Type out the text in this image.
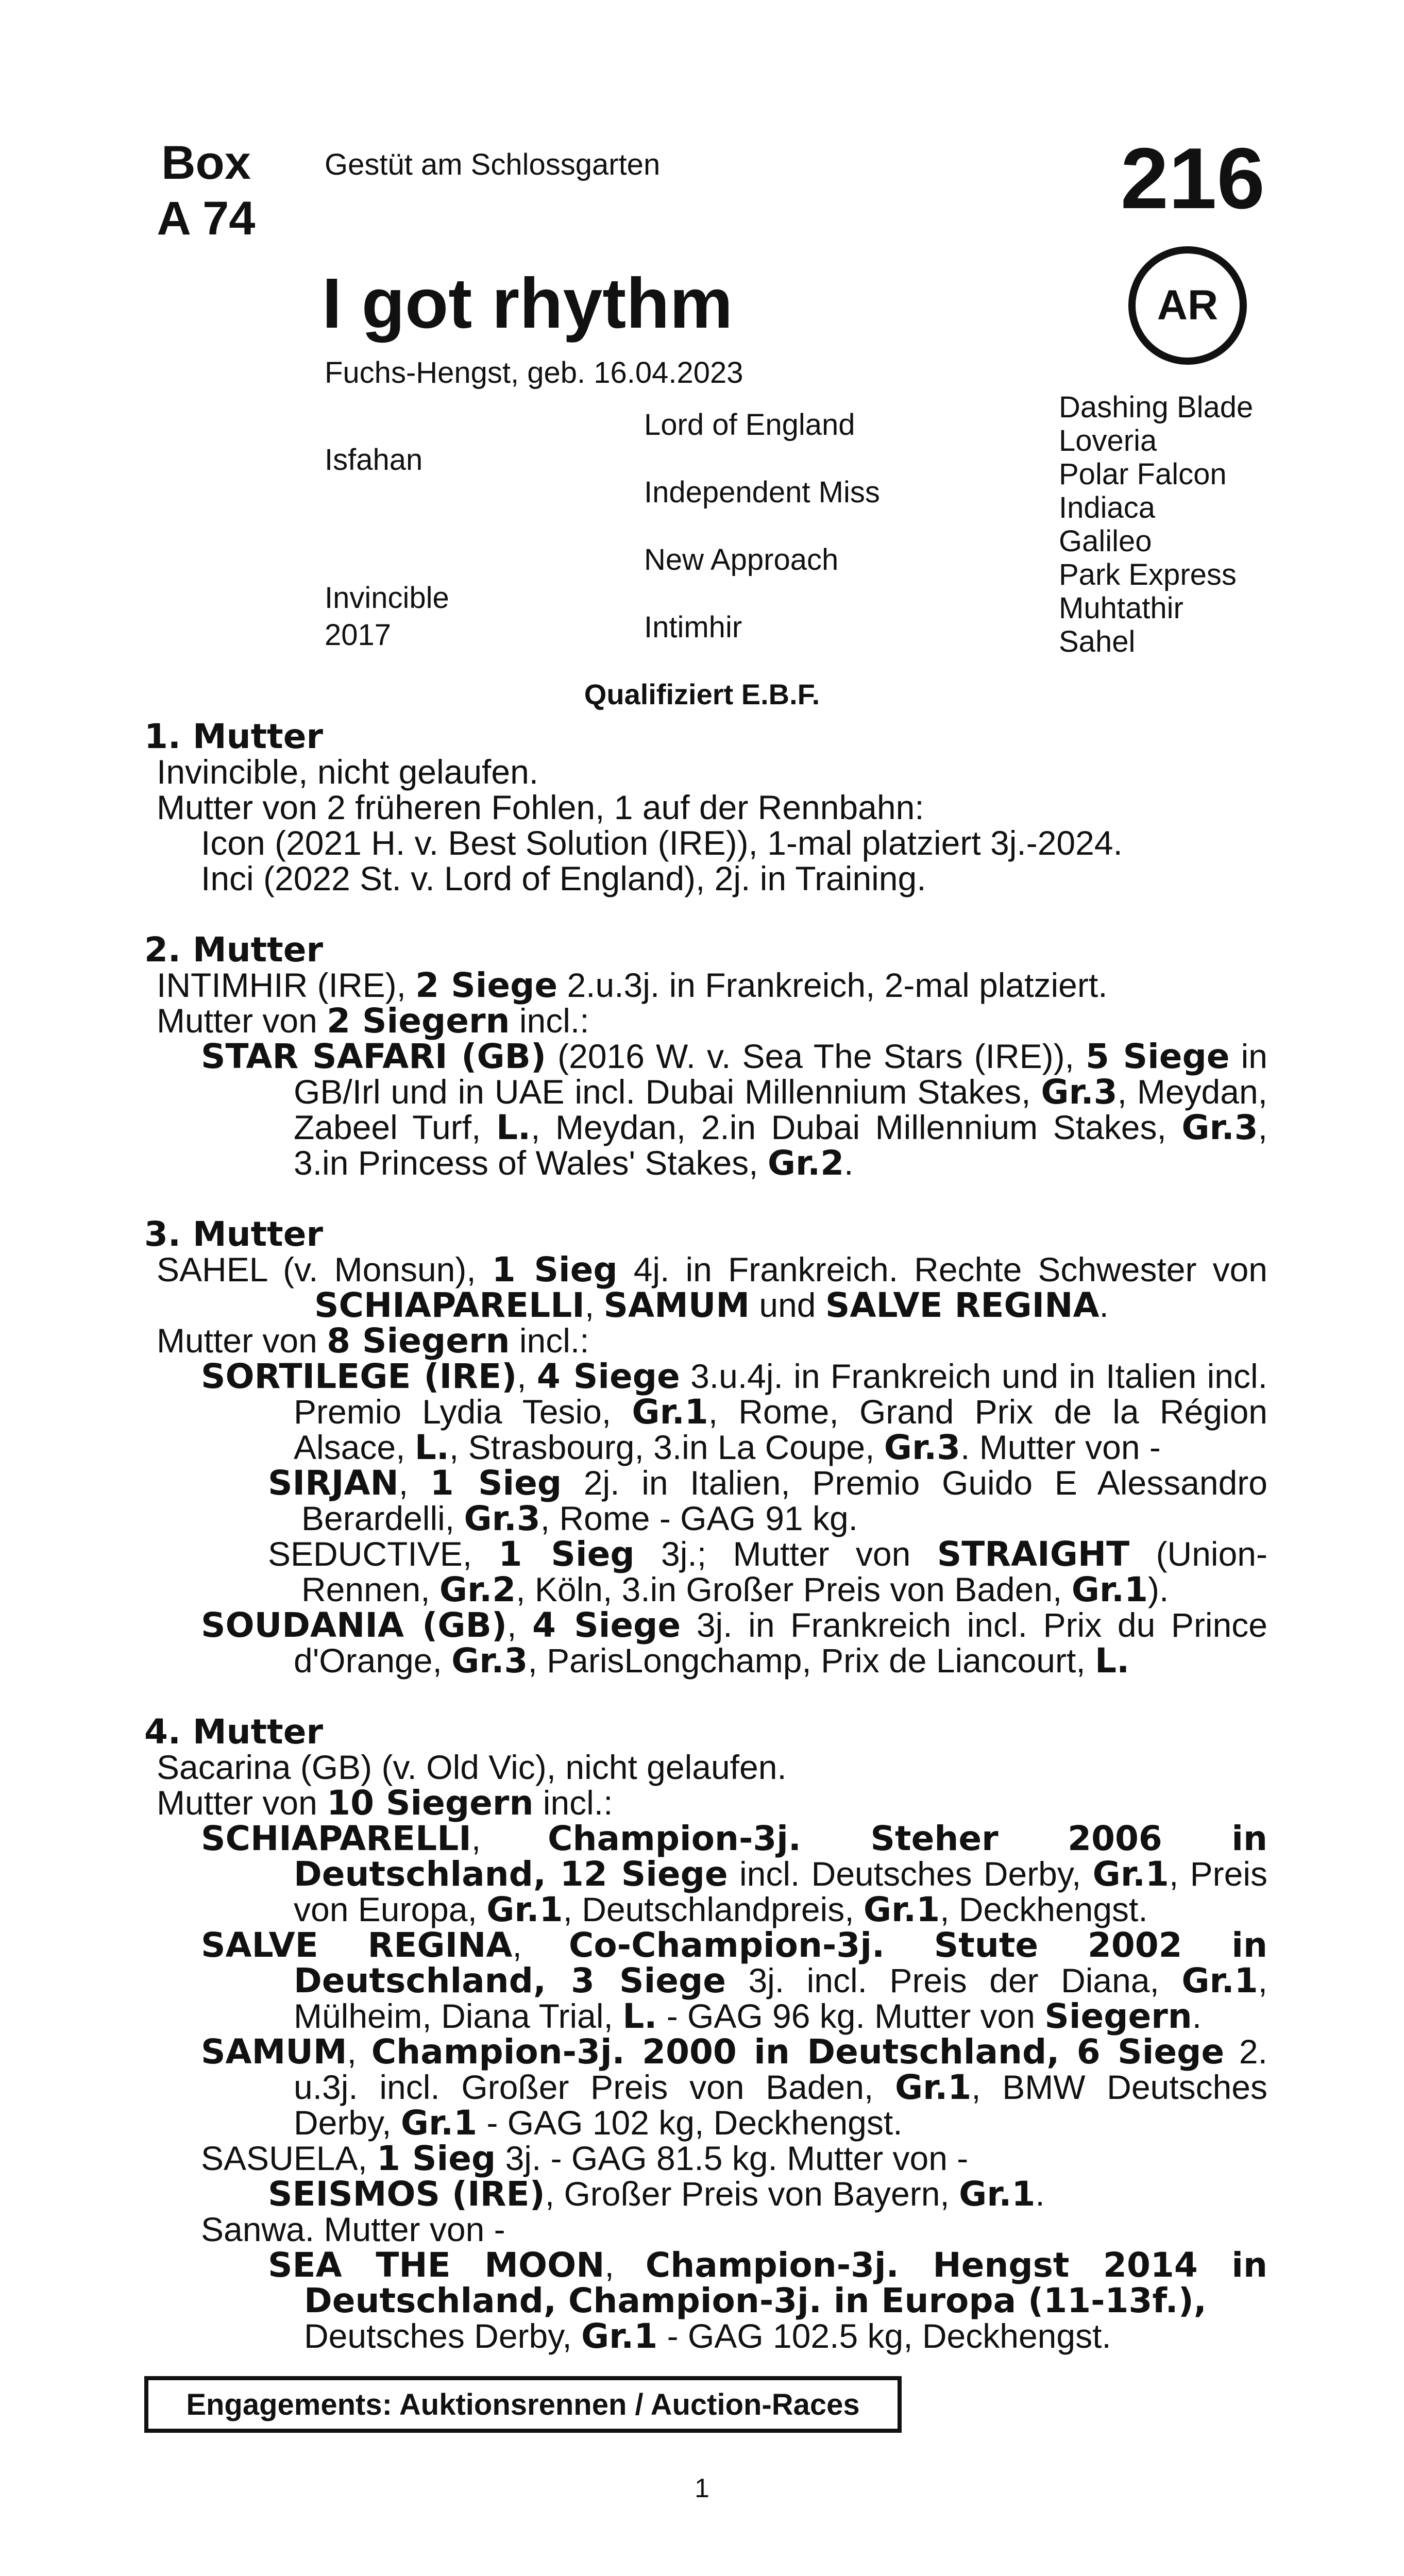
Box
A 74
Gestüt am Schlossgarten	216
AR
I got rhythm
Fuchs-Hengst, geb. 16.04.2023
Isfahan
Invincible
2017
Lord of England
Independent Miss
New Approach
Intimhir
Dashing Blade
Loveria
Polar Falcon
Indiaca
Galileo
Park Express
Muhtathir
Sahel
Qualifiziert E.B.F.

1. Mutter

Invincible, nicht gelaufen.

Mutter von 2 früheren Fohlen, 1 auf der Rennbahn:

Icon (2021 H. v. Best Solution (IRE)), 1-mal platziert 3j.-2024.

Inci (2022 St. v. Lord of England), 2j. in Training.

2. Mutter

INTIMHIR (IRE), 2 Siege 2.u.3j. in Frankreich, 2-mal platziert.

Mutter von 2 Siegern incl.:

STAR SAFARI (GB) (2016 W. v. Sea The Stars (IRE)), 5 Siege in GB/Irl und in UAE incl. Dubai Millennium Stakes, Gr.3, Meydan, Zabeel Turf, L., Meydan, 2.in Dubai Millennium Stakes, Gr.3, 3.in Princess of Wales' Stakes, Gr.2.

3. Mutter

SAHEL (v. Monsun), 1 Sieg 4j. in Frankreich. Rechte Schwester von SCHIAPARELLI, SAMUM und SALVE REGINA.

Mutter von 8 Siegern incl.:

SORTILEGE (IRE), 4 Siege 3.u.4j. in Frankreich und in Italien incl. Premio Lydia Tesio, Gr.1, Rome, Grand Prix de la Région Alsace, L., Strasbourg, 3.in La Coupe, Gr.3. Mutter von -

SIRJAN, 1 Sieg 2j. in Italien, Premio Guido E Alessandro Berardelli, Gr.3, Rome - GAG 91 kg.

SEDUCTIVE, 1 Sieg 3j.; Mutter von STRAIGHT (Union-Rennen, Gr.2, Köln, 3.in Großer Preis von Baden, Gr.1).

SOUDANIA (GB), 4 Siege 3j. in Frankreich incl. Prix du Prince d'Orange, Gr.3, ParisLongchamp, Prix de Liancourt, L.

4. Mutter

Sacarina (GB) (v. Old Vic), nicht gelaufen.

Mutter von 10 Siegern incl.:

SCHIAPARELLI, Champion-3j. Steher 2006 in Deutschland, 12 Siege incl. Deutsches Derby, Gr.1, Preis von Europa, Gr.1, Deutschlandpreis, Gr.1, Deckhengst.

SALVE REGINA, Co-Champion-3j. Stute 2002 in Deutschland, 3 Siege 3j. incl. Preis der Diana, Gr.1, Mülheim, Diana Trial, L. - GAG 96 kg. Mutter von Siegern.

SAMUM, Champion-3j. 2000 in Deutschland, 6 Siege 2. u.3j. incl. Großer Preis von Baden, Gr.1, BMW Deutsches Derby, Gr.1 - GAG 102 kg, Deckhengst.

SASUELA, 1 Sieg 3j. - GAG 81.5 kg. Mutter von -

SEISMOS (IRE), Großer Preis von Bayern, Gr.1.

Sanwa. Mutter von -

SEA THE MOON, Champion-3j. Hengst 2014 in Deutschland, Champion-3j. in Europa (11-13f.),
Deutsches Derby, Gr.1 - GAG 102.5 kg, Deckhengst.

Engagements: Auktionsrennen / Auction-Races
1
